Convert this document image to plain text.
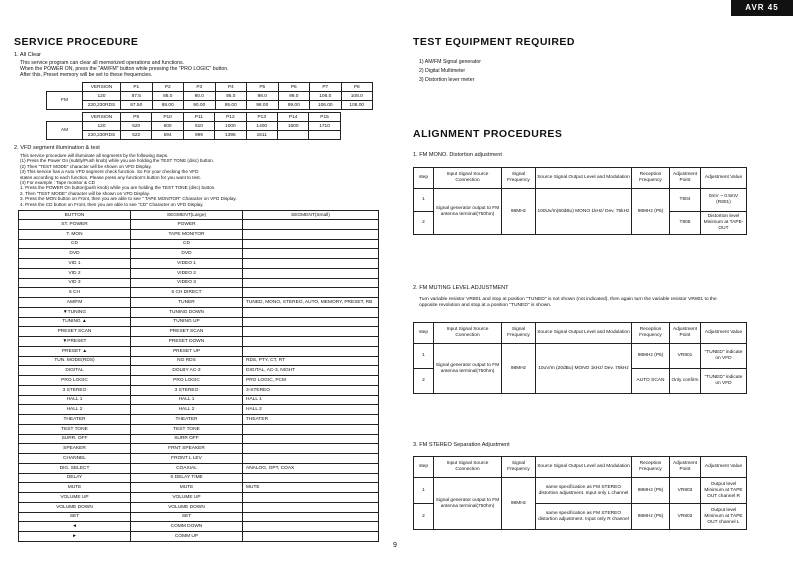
AVR 45
SERVICE PROCEDURE
1. All Clear
This service program can clear all memorized operations and functions.
When the POWER ON, press the "AM/FM" button while pressing the "PRO LOGIC" button.
After this, Preset memory will be set to these frequencies.
	VERSION	P1	P2	P3	P4	P5	P6	P7	P8
FM	120	87.5	88.0	90.0	95.0	98.0	99.0	106.0	108.0
	230,230RDS	87.50	88.00	90.00	95.00	98.00	99.00	106.00	108.00
	VERSION	P9	P10	P11	P12	P13	P14	P15
AM	120	520	600	610	1000	1400	1500	1710
	230,230RDS	522	594	999	1395	1611		
2. VFD segment illumination & test
This service procedure will illuminate all segments by the following steps.
(1) Press the Power On (subtly/Push knob) while you are holding the TEST TONE (disc) button.
(2) Then "TEST MODE" character will be shown on VFD Display.
(3) This service has a Auto VFD segment check function. So For your checking the VFD
states according to each function, Please press any function's button for you want to test.
(4) For example : Tape monitor & CD
1. Press the POWER On button(push knob) while you are holding the TEST TONE (disc) button.
2. Then "TEST MODE" character will be shown on VFD Display.
3. Press the MON button on Front, then you are able to see " TAPE MONITOR" Character on VFD Display.
4. Press the CD button on Front, then you are able to see "CD" Character on VFD Display.
BUTTON	SEGMENT(Large)	SEGMENT(Small)
ST. POWER	POWER	
T. MON	TAPE MONITOR	
CD	CD	
DVD	DVD	
VID 1	VIDEO 1	
VID 2	VIDEO 2	
VID 3	VIDEO 3	
6 CH	6 CH DIRECT	
AM/FM	TUNER	TUNED, MONO, STEREO, AUTO, MEMORY, PRESET, RB
▼TUNING	TUNING DOWN	
TUNING ▲	TUNING UP	
PRESET SCAN	PRESET SCAN	
▼PRESET	PRESET DOWN	
PRESET ▲	PRESET UP	
TUN. MODE(RDS)	NO RDS	RDS, PTY, CT, RT
DIGITAL	DOLBY AC-3	DIGITAL, AC-3, NIGHT
PRO LOGIC	PRO LOGIC	PRO LOGIC, PCM
3 STEREO	3 STEREO	3-STEREO
HALL 1	HALL 1	HALL 1
HALL 2	HALL 2	HALL 2
THEATER	THEATER	THEATER
TEST TONE	TEST TONE	
SURR. OFF	SURR OFF	
SPEAKER	FRNT SPEAKER	
CHANNEL	FRONT L LEV	
DIG. SELECT	COAXIAL	ANALOG, OPT, COAX
DELAY	S DELAY TIME	
MUTE	MUTE	MUTE
VOLUME UP	VOLUME UP	
VOLUME DOWN	VOLUME DOWN	
SET	SET	
◄	COMM DOWN	
►	COMM UP	
9
TEST EQUIPMENT REQUIRED
1) AM/FM Signal generator
2) Digital Multimeter
3) Distortion lever meter
ALIGNMENT PROCEDURES
1. FM MONO. Distortion adjustment
step	Input Signal Source Connection	Signal Frequency	Source Signal Output Level and Modulation	Reception Frequency	Adjustment Point	Adjustment Value
1	Signal generator output to FM antenna terminal(750hm)	98MHz	100Uv/m(60dBu) MONO 1kHz/ Dev. 75kHz	98MHz (P5)	T804	0mV ~ 0.5mV (R801)
2					T805	Distortion level Minimum at TAPE-OUT
2. FM MUTING LEVEL ADJUSTMENT
Turn variable resistor VR801 and stop at position "TUNED" is not shown (not indicated), then again turn the variable resistor VR801 to the
opposite revolution and stop at a position "TUNED" is shown.
step	Input Signal Source Connection	Signal Frequency	Source Signal Output Level and Modulation	Reception Frequency	Adjustment Point	Adjustment Value
1	Signal generator output to FM antenna terminal(750hm)	98MHz	10uV/m (20dBu) MONO 1kHz/ Dev. 75kHz	98MHz (P5)	VR801	"TUNED" indicate on VFD
2				AUTO SCAN	Only confirm	"TUNED" indicate on VFD
3. FM STEREO Separation Adjustment
step	Input Signal Source Connection	Signal Frequency	Source Signal Output Level and Modulation	Reception Frequency	Adjustment Point	Adjustment Value
1	Signal generator output to FM antenna terminal(750hm)	98MHz	same specification as FM STEREO distortion adjustment. Input only L channel	98MHz (P5)	VR803	Output level Minimum at TAPE OUT channel R
2			same specification as FM STEREO distortion adjustment. Input only R channel	98MHz (P5)	VR803	Output level Minimum at TAPE OUT channel L
